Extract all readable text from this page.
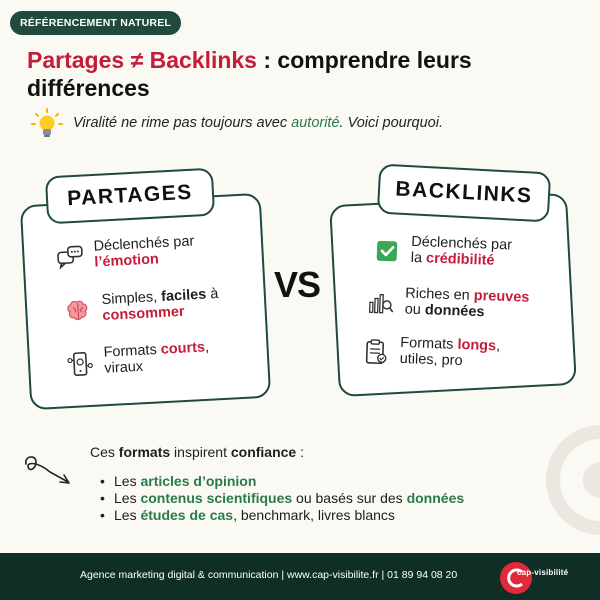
RÉFÉRENCEMENT NATUREL
Partages ≠ Backlinks : comprendre leurs différences
Viralité ne rime pas toujours avec autorité. Voici pourquoi.
PARTAGES
Déclenchés par
l’émotion
Simples, faciles à
consommer
Formats courts,
viraux
VS
BACKLINKS
Déclenchés par
la crédibilité
Riches en preuves
ou données
Formats longs,
utiles, pro
Ces formats inspirent confiance :
• Les articles d’opinion
• Les contenus scientifiques ou basés sur des données
• Les études de cas, benchmark, livres blancs
Agence marketing digital & communication | www.cap-visibilite.fr | 01 89 94 08 20	cap-visibilité
